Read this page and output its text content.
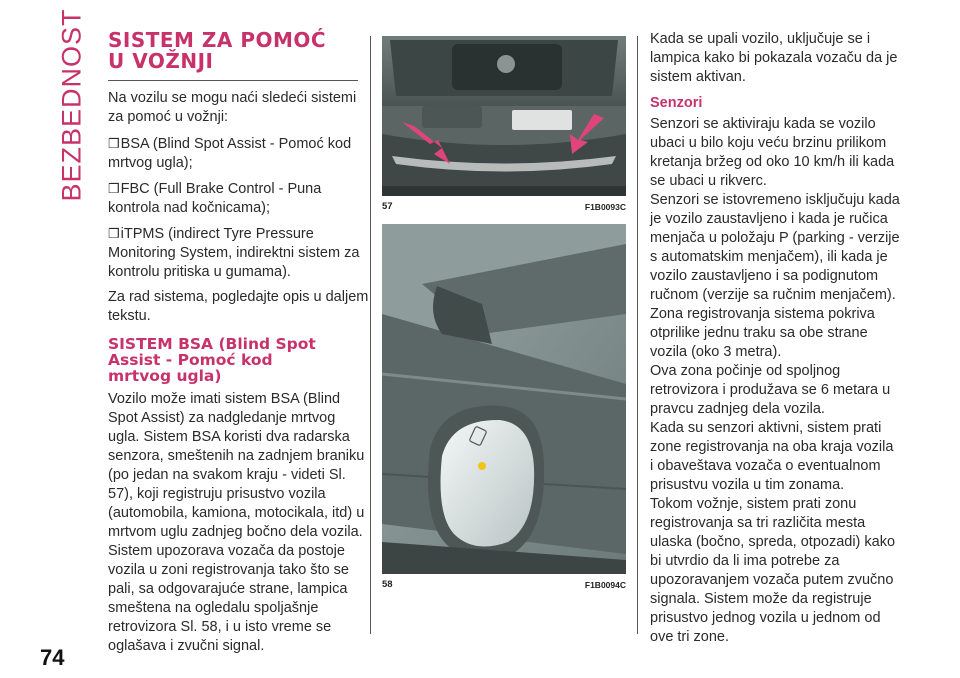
BEZBEDNOST
74
SISTEM ZA POMOĆ
U VOŽNJI

Na vozilu se mogu naći sledeći sistemi za pomoć u vožnji:

❒BSA (Blind Spot Assist - Pomoć kod mrtvog ugla);

❒FBC (Full Brake Control - Puna kontrola nad kočnicama);

❒iTPMS (indirect Tyre Pressure Monitoring System, indirektni sistem za kontrolu pritiska u gumama).

Za rad sistema, pogledajte opis u daljem tekstu.

SISTEM BSA (Blind Spot
Assist - Pomoć kod
mrtvog ugla)

Vozilo može imati sistem BSA (Blind Spot Assist) za nadgledanje mrtvog ugla. Sistem BSA koristi dva radarska senzora, smeštenih na zadnjem braniku (po jedan na svakom kraju - videti Sl. 57), koji registruju prisustvo vozila (automobila, kamiona, motocikala, itd) u mrtvom uglu zadnjeg bočno dela vozila.

Sistem upozorava vozača da postoje vozila u zoni registrovanja tako što se pali, sa odgovarajuće strane, lampica smeštena na ogledalu spoljašnje retrovizora Sl. 58, i u isto vreme se oglašava i zvučni signal.

57	F1B0093C
58	F1B0094C

Kada se upali vozilo, uključuje se i lampica kako bi pokazala vozaču da je sistem aktivan.

Senzori

Senzori se aktiviraju kada se vozilo ubaci u bilo koju veću brzinu prilikom kretanja bržeg od oko 10 km/h ili kada se ubaci u rikverc.

Senzori se istovremeno isključuju kada je vozilo zaustavljeno i kada je ručica menjača u položaju P (parking - verzije s automatskim menjačem), ili kada je vozilo zaustavljeno i sa podignutom ručnom (verzije sa ručnim menjačem).

Zona registrovanja sistema pokriva otprilike jednu traku sa obe strane vozila (oko 3 metra).

Ova zona počinje od spoljnog retrovizora i produžava se 6 metara u pravcu zadnjeg dela vozila.

Kada su senzori aktivni, sistem prati zone registrovanja na oba kraja vozila i obaveštava vozača o eventualnom prisustvu vozila u tim zonama.

Tokom vožnje, sistem prati zonu registrovanja sa tri različita mesta ulaska (bočno, spreda, otpozadi) kako bi utvrdio da li ima potrebe za upozoravanjem vozača putem zvučno signala. Sistem može da registruje prisustvo jednog vozila u jednom od ove tri zone.
